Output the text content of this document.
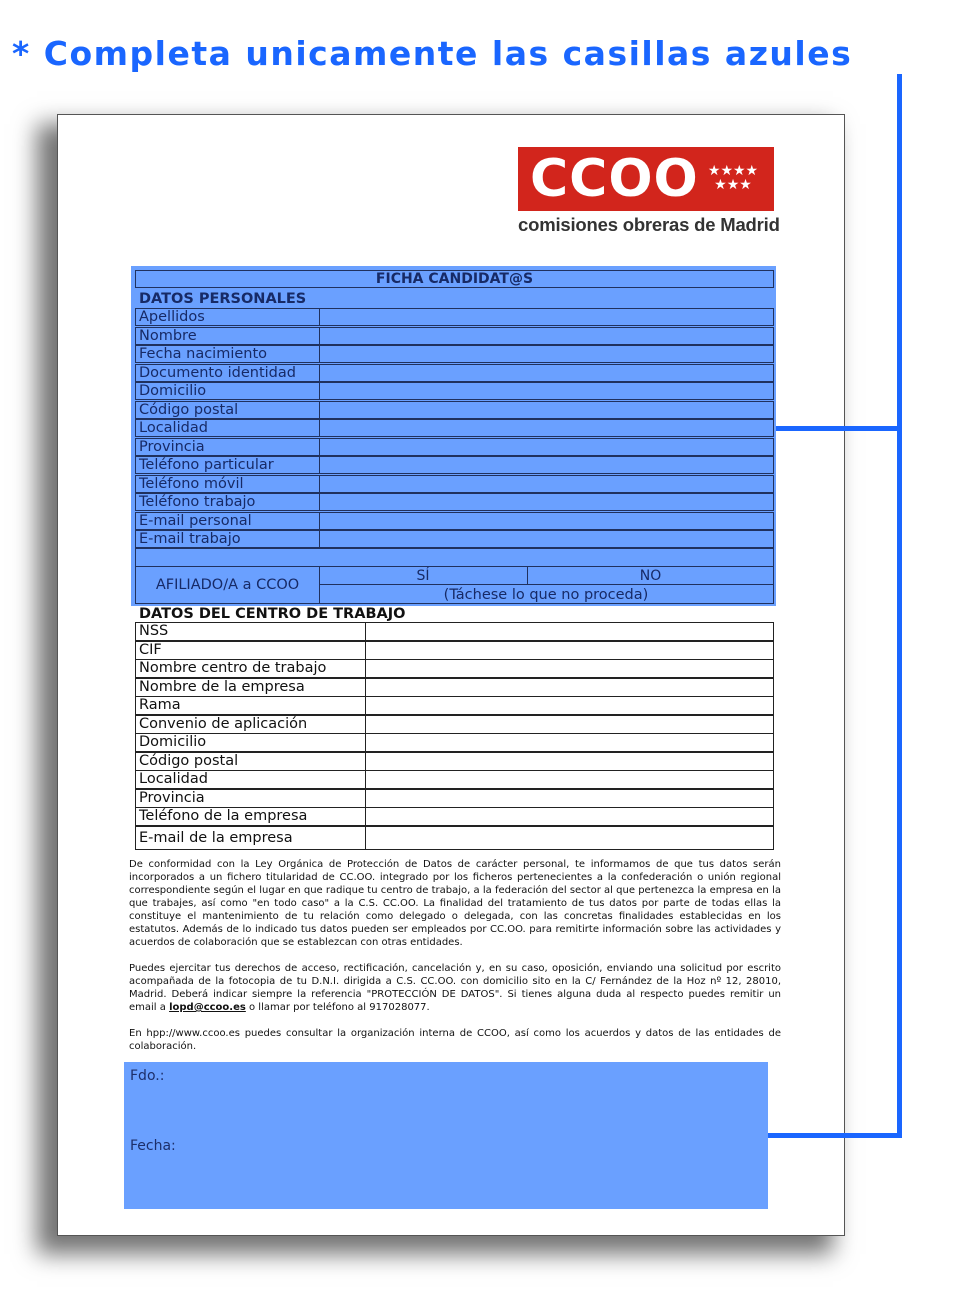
* Completa unicamente las casillas azules
CCOO ★★★★ ★★★
comisiones obreras de Madrid
FICHA CANDIDAT@S
DATOS PERSONALES
Apellidos
Nombre
Fecha nacimiento
Documento identidad
Domicilio
Código postal
Localidad
Provincia
Teléfono particular
Teléfono móvil
Teléfono trabajo
E-mail personal
E-mail trabajo
AFILIADO/A a CCOO
SÍ	NO
(Táchese lo que no proceda)
DATOS DEL CENTRO DE TRABAJO
NSS
CIF
Nombre centro de trabajo
Nombre de la empresa
Rama
Convenio de aplicación
Domicilio
Código postal
Localidad
Provincia
Teléfono de la empresa
E-mail de la empresa
De conformidad con la Ley Orgánica de Protección de Datos de carácter personal, te informamos de que tus datos serán incorporados a un fichero titularidad de CC.OO. integrado por los ficheros pertenecientes a la confederación o unión regional correspondiente según el lugar en que radique tu centro de trabajo, a la federación del sector al que pertenezca la empresa en la que trabajes, así como "en todo caso" a la C.S. CC.OO. La finalidad del tratamiento de tus datos por parte de todas ellas la constituye el mantenimiento de tu relación como delegado o delegada, con las concretas finalidades establecidas en los estatutos. Además de lo indicado tus datos pueden ser empleados por CC.OO. para remitirte información sobre las actividades y acuerdos de colaboración que se establezcan con otras entidades.
Puedes ejercitar tus derechos de acceso, rectificación, cancelación y, en su caso, oposición, enviando una solicitud por escrito acompañada de la fotocopia de tu D.N.I. dirigida a C.S. CC.OO. con domicilio sito en la C/ Fernández de la Hoz nº 12, 28010, Madrid. Deberá indicar siempre la referencia "PROTECCIÓN DE DATOS". Si tienes alguna duda al respecto puedes remitir un email a lopd@ccoo.es o llamar por teléfono al 917028077.
En hpp://www.ccoo.es puedes consultar la organización interna de CCOO, así como los acuerdos y datos de las entidades de colaboración.
Fdo.:
Fecha:
